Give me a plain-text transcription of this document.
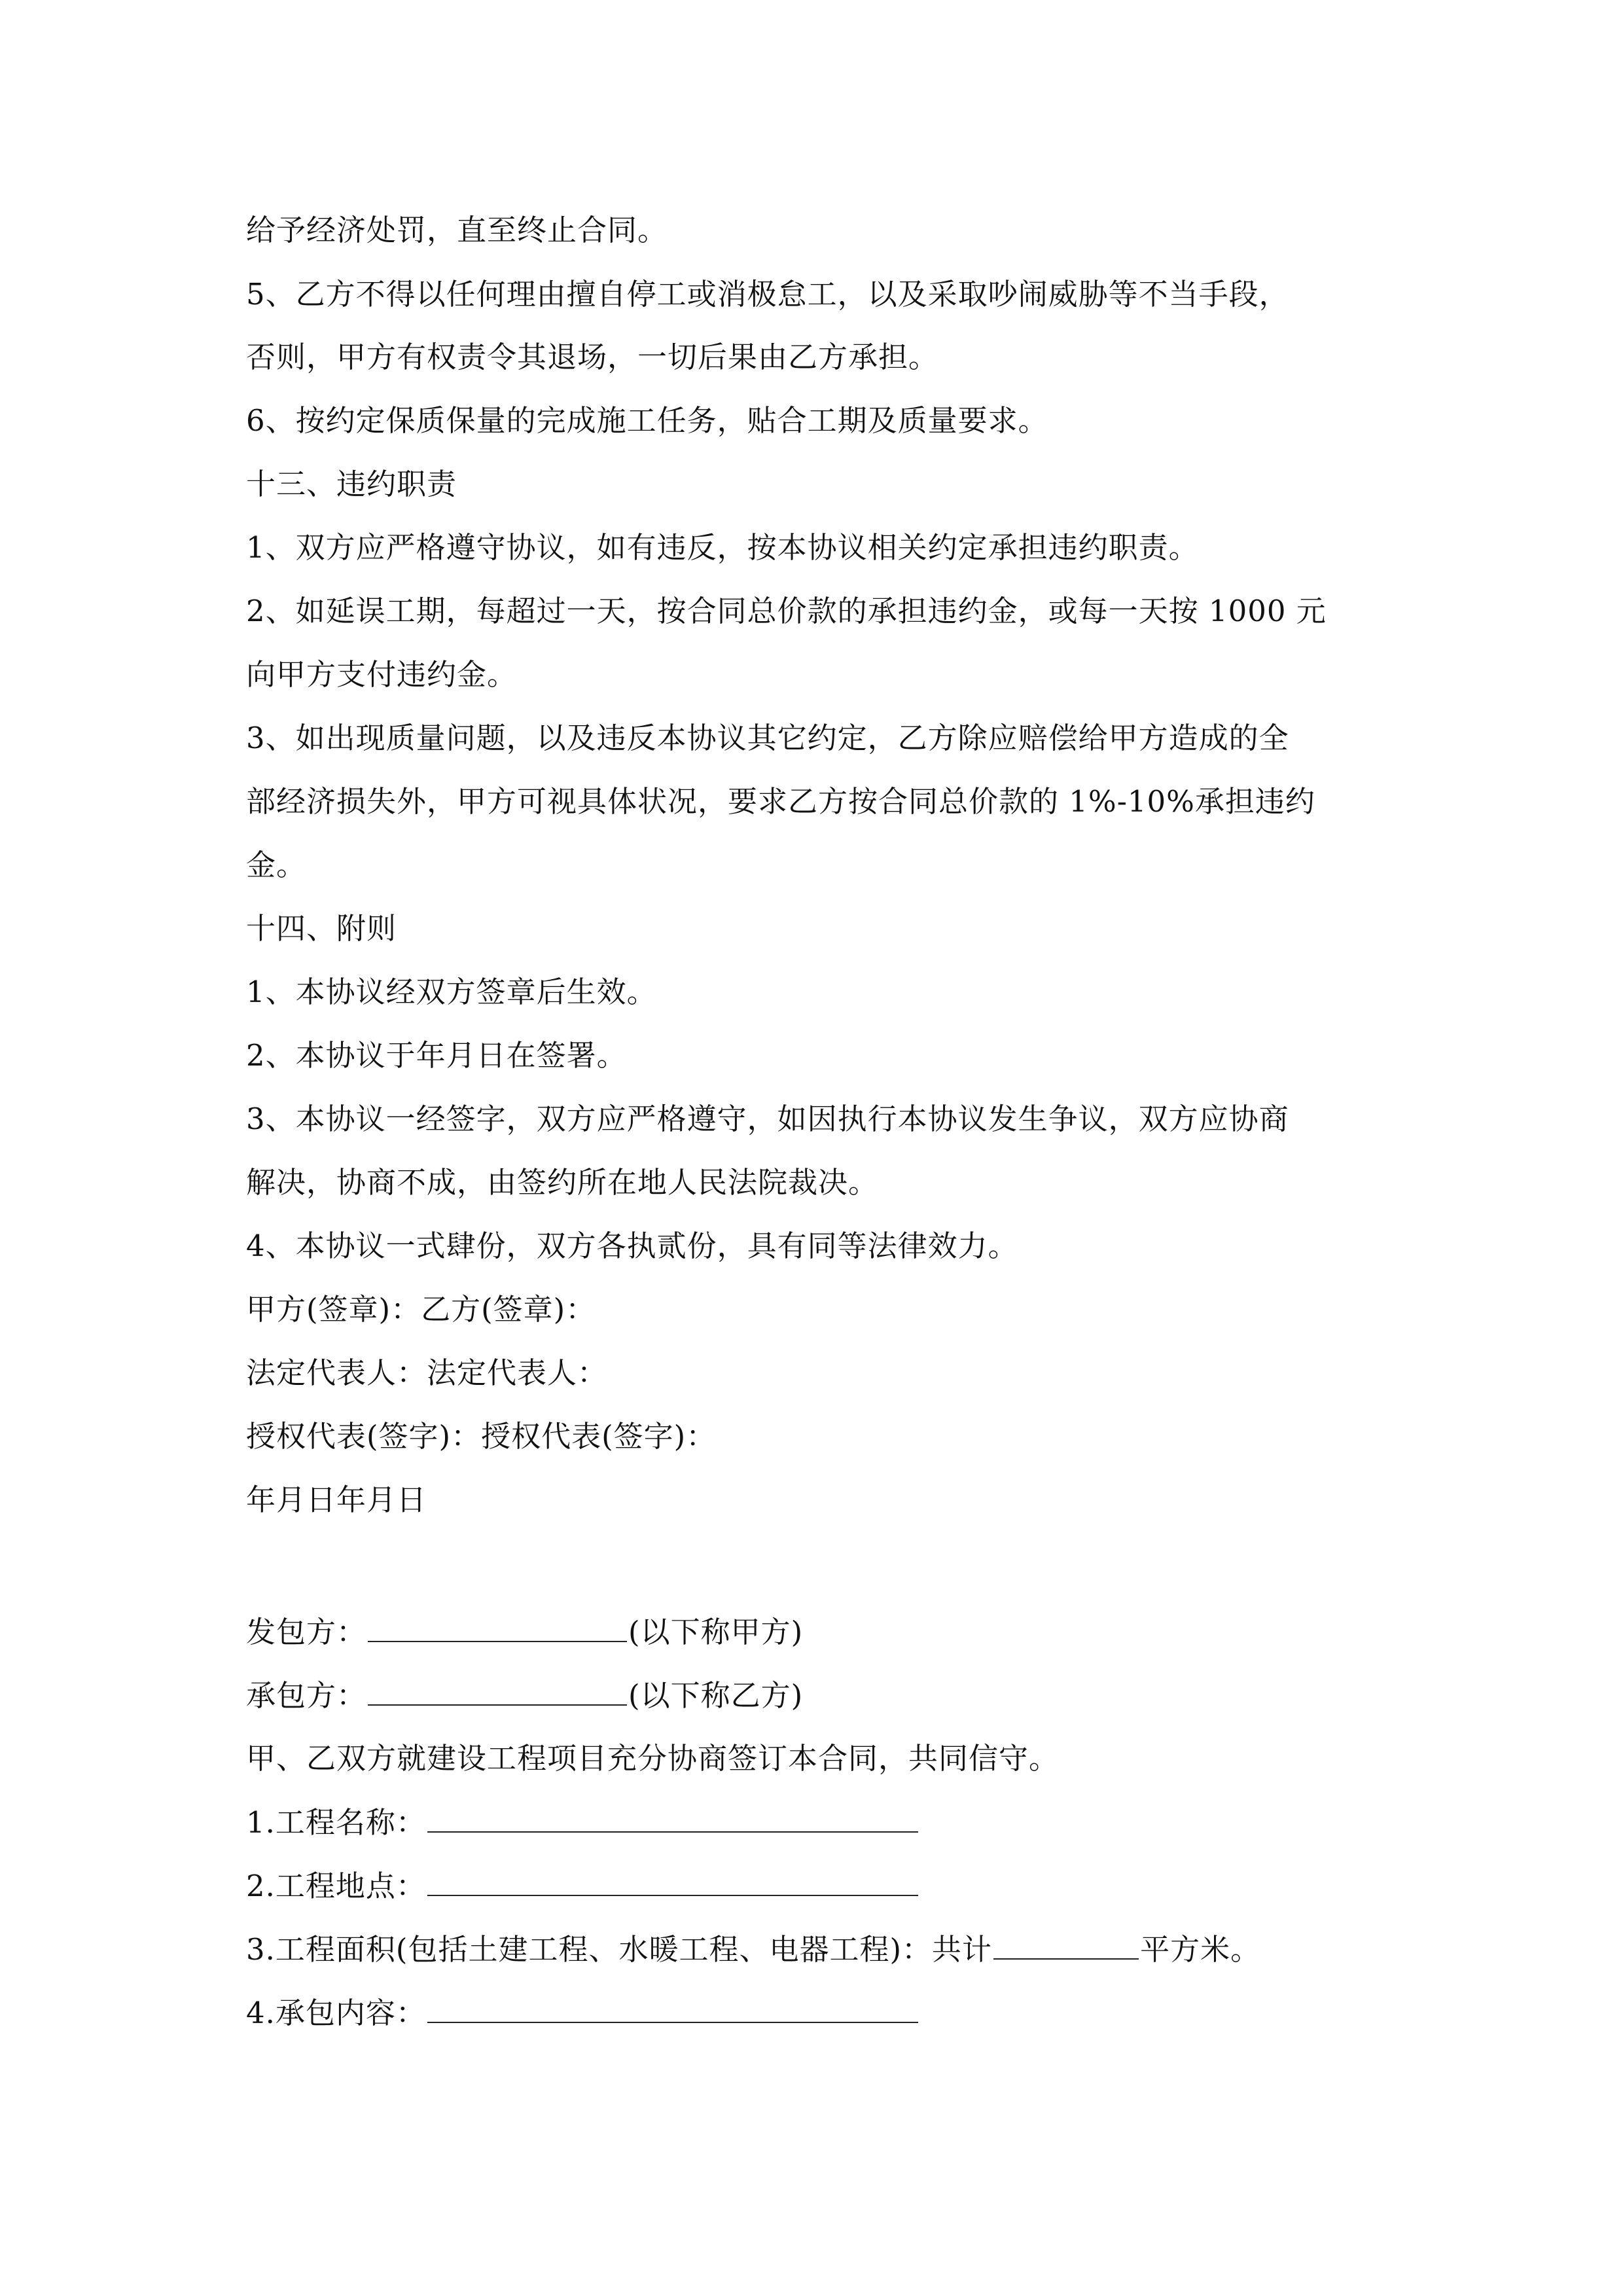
给予经济处罚，直至终止合同。
5、乙方不得以任何理由擅自停工或消极怠工，以及采取吵闹威胁等不当手段，
否则，甲方有权责令其退场，一切后果由乙方承担。
6、按约定保质保量的完成施工任务，贴合工期及质量要求。
十三、违约职责
1、双方应严格遵守协议，如有违反，按本协议相关约定承担违约职责。
2、如延误工期，每超过一天，按合同总价款的承担违约金，或每一天按 1000 元
向甲方支付违约金。
3、如出现质量问题，以及违反本协议其它约定，乙方除应赔偿给甲方造成的全
部经济损失外，甲方可视具体状况，要求乙方按合同总价款的 1%-10%承担违约
金。
十四、附则
1、本协议经双方签章后生效。
2、本协议于年月日在签署。
3、本协议一经签字，双方应严格遵守，如因执行本协议发生争议，双方应协商
解决，协商不成，由签约所在地人民法院裁决。
4、本协议一式肆份，双方各执贰份，具有同等法律效力。
甲方(签章)：乙方(签章)：
法定代表人：法定代表人：
授权代表(签字)：授权代表(签字)：
年月日年月日
发包方：	(以下称甲方)
承包方：	(以下称乙方)
甲、乙双方就建设工程项目充分协商签订本合同，共同信守。
1.工程名称：
2.工程地点：
3.工程面积(包括土建工程、水暖工程、电器工程)：共计	平方米。
4.承包内容：
